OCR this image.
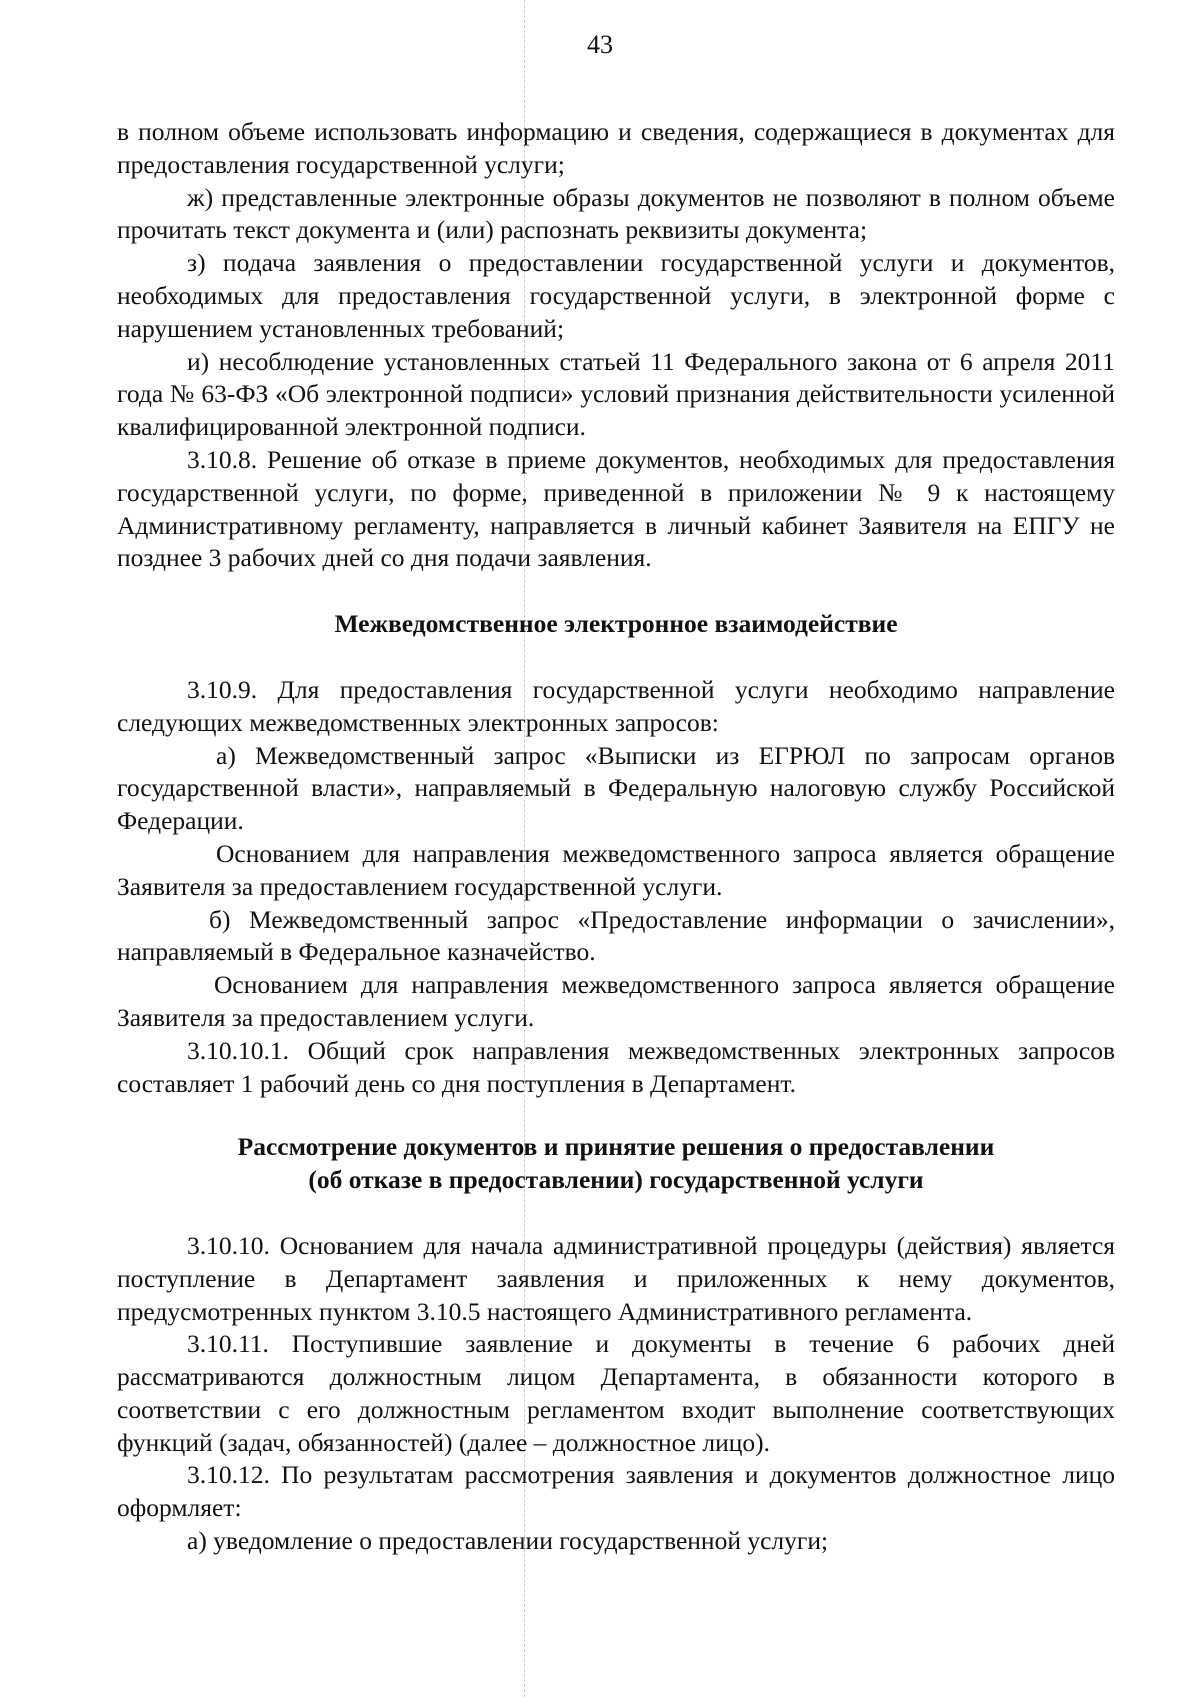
43

в полном объеме использовать информацию и сведения, содержащиеся в документах для предоставления государственной услуги;

ж) представленные электронные образы документов не позволяют в полном объеме прочитать текст документа и (или) распознать реквизиты документа;

з) подача заявления о предоставлении государственной услуги и документов, необходимых для предоставления государственной услуги, в электронной форме с нарушением установленных требований;

и) несоблюдение установленных статьей 11 Федерального закона от 6 апреля 2011 года № 63-ФЗ «Об электронной подписи» условий признания действительности усиленной квалифицированной электронной подписи.

3.10.8. Решение об отказе в приеме документов, необходимых для предоставления государственной услуги, по форме, приведенной в приложении № 9 к настоящему Административному регламенту, направляется в личный кабинет Заявителя на ЕПГУ не позднее 3 рабочих дней со дня подачи заявления.

Межведомственное электронное взаимодействие

3.10.9. Для предоставления государственной услуги необходимо направление следующих межведомственных электронных запросов:

а) Межведомственный запрос «Выписки из ЕГРЮЛ по запросам органов государственной власти», направляемый в Федеральную налоговую службу Российской Федерации.

Основанием для направления межведомственного запроса является обращение Заявителя за предоставлением государственной услуги.

б) Межведомственный запрос «Предоставление информации о зачислении», направляемый в Федеральное казначейство.

Основанием для направления межведомственного запроса является обращение Заявителя за предоставлением услуги.

3.10.10.1. Общий срок направления межведомственных электронных запросов составляет 1 рабочий день со дня поступления в Департамент.

Рассмотрение документов и принятие решения о предоставлении

(об отказе в предоставлении) государственной услуги

3.10.10. Основанием для начала административной процедуры (действия) является поступление в Департамент заявления и приложенных к нему документов, предусмотренных пунктом 3.10.5 настоящего Административного регламента.

3.10.11. Поступившие заявление и документы в течение 6 рабочих дней рассматриваются должностным лицом Департамента, в обязанности которого в соответствии с его должностным регламентом входит выполнение соответствующих функций (задач, обязанностей) (далее – должностное лицо).

3.10.12. По результатам рассмотрения заявления и документов должностное лицо оформляет:

а) уведомление о предоставлении государственной услуги;
